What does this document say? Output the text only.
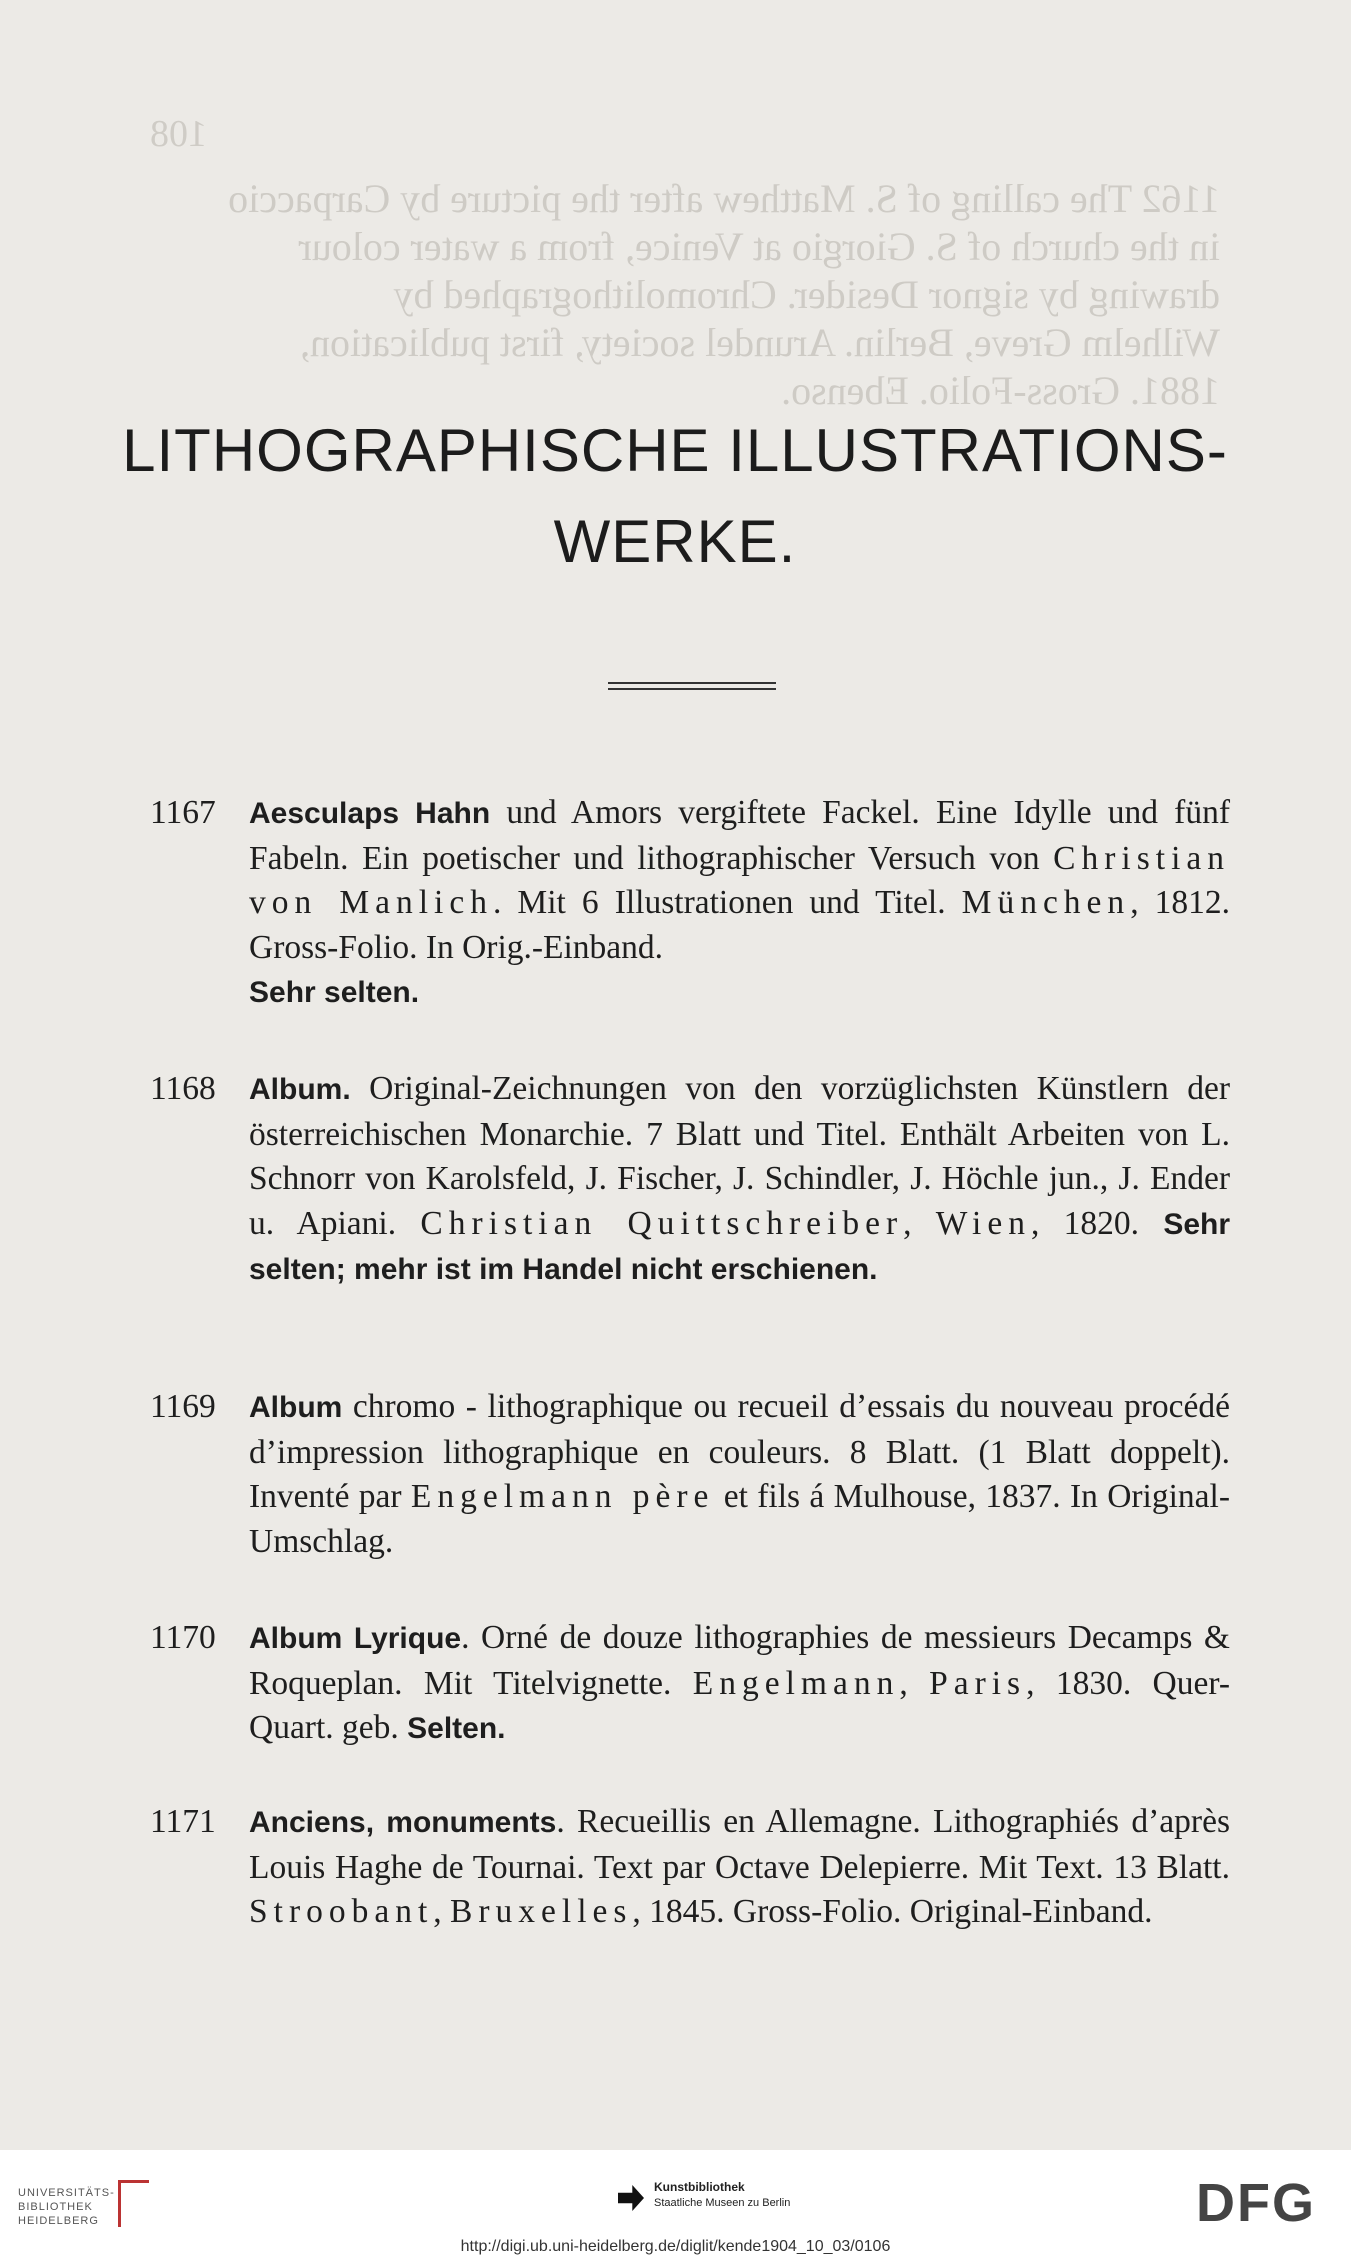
108
1162 The calling of S. Matthew after the picture by Carpaccio
in the church of S. Giorgio at Venice, from a water colour
drawing by signor Desider. Chromolithographed by
Wilhelm Greve, Berlin. Arundel society, first publication,
1881. Gross-Folio. Ebenso.
LITHOGRAPHISCHE ILLUSTRATIONS-
WERKE.
1167 Aesculaps Hahn und Amors vergiftete Fackel. Eine Idylle und fünf Fabeln. Ein poetischer und lithographischer Versuch von Christian von Manlich. Mit 6 Illustrationen und Titel. München, 1812. Gross-Folio. In Orig.-Einband.
Sehr selten.
1168 Album. Original-Zeichnungen von den vorzüglichsten Künstlern der österreichischen Monarchie. 7 Blatt und Titel. Enthält Arbeiten von L. Schnorr von Karolsfeld, J. Fischer, J. Schindler, J. Höchle jun., J. Ender u. Apiani. Christian Quittschreiber, Wien, 1820. Sehr selten; mehr ist im Handel nicht erschienen.
1169 Album chromo - lithographique ou recueil d’essais du nouveau procédé d’impression lithographique en couleurs. 8 Blatt. (1 Blatt doppelt). Inventé par Engelmann père et fils á Mulhouse, 1837. In Original-Umschlag.
1170 Album Lyrique. Orné de douze lithographies de messieurs Decamps & Roqueplan. Mit Titelvignette. Engelmann, Paris, 1830. Quer-Quart. geb. Selten.
1171 Anciens, monuments. Recueillis en Allemagne. Lithographiés d’après Louis Haghe de Tournai. Text par Octave Delepierre. Mit Text. 13 Blatt. Stroobant, Bruxelles, 1845. Gross-Folio. Original-Einband.
UNIVERSITÄTS-
BIBLIOTHEK
HEIDELBERG
Kunstbibliothek
Staatliche Museen zu Berlin	DFG
http://digi.ub.uni-heidelberg.de/diglit/kende1904_10_03/0106
